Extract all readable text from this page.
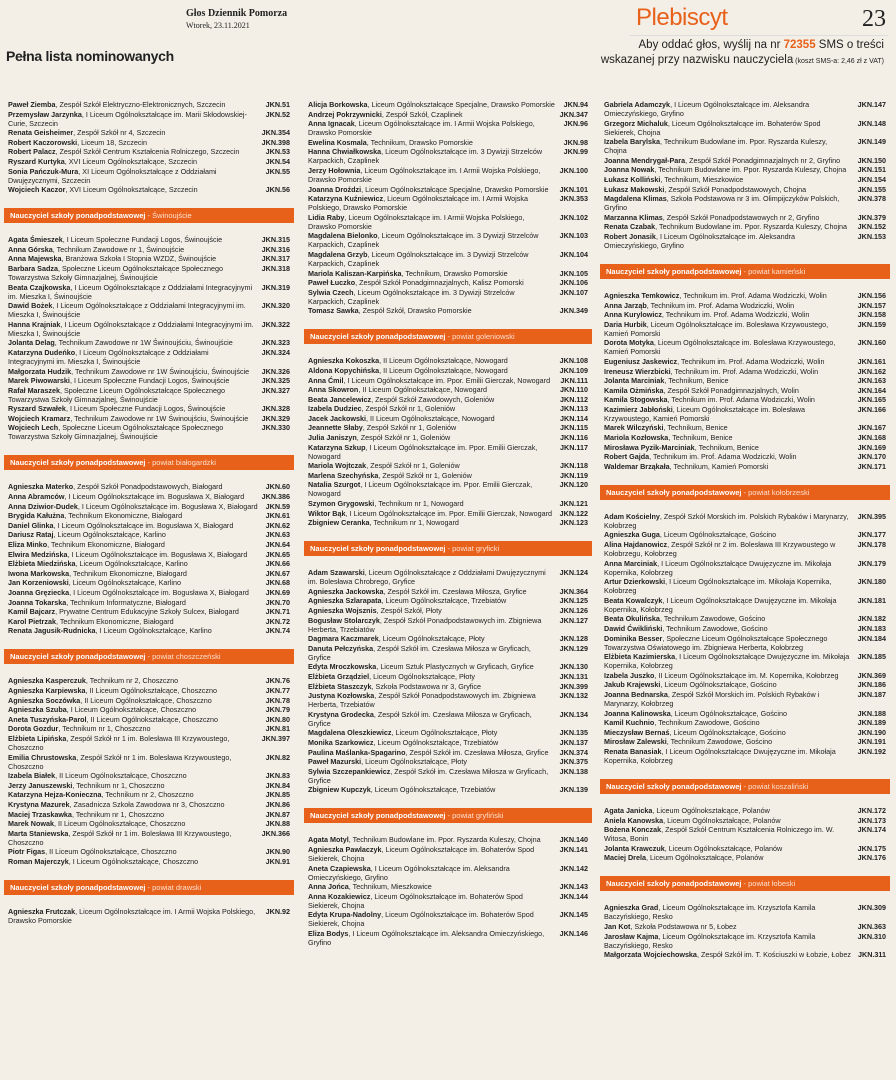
Głos Dziennik Pomorza
Wtorek, 23.11.2021
Pełna lista nominowanych
Plebiscyt	23
Aby oddać głos, wyślij na nr 72355 SMS o treści
wskazanej przy nazwisku nauczyciela (koszt SMS-a: 2,46 zł z VAT)
Paweł Ziemba, Zespół Szkół Elektryczno-Elektronicznych, Szczecin	JKN.51
Przemysław Jarzynka, I Liceum Ogólnokształcące im. Marii Skłodowskiej-Curie, Szczecin
JKN.52
Renata Geisheimer, Zespół Szkół nr 4, Szczecin	JKN.354
Robert Kaczorowski, Liceum 18, Szczecin	JKN.398
Robert Palacz, Zespół Szkół Centrum Kształcenia Rolniczego, Szczecin	JKN.53
Ryszard Kurtyka, XVI Liceum Ogólnokształcące, Szczecin	JKN.54
Sonia Pańczuk-Mura, XI Liceum Ogólnokształcące z Oddziałami Dwujęzycznymi, Szczecin
JKN.55
Wojciech Kaczor, XVI Liceum Ogólnokształcące, Szczecin	JKN.56
Nauczyciel szkoły ponadpodstawowej - Świnoujście
Agata Śmieszek, I Liceum Społeczne Fundacji Logos, Świnoujście	JKN.315
Anna Górska, Technikum Zawodowe nr 1, Świnoujście	JKN.316
Anna Majewska, Branżowa Szkoła I Stopnia WZDZ, Świnoujście	JKN.317
Barbara Sadza, Społeczne Liceum Ogólnokształcące Społecznego Towarzystwa Szkoły Gimnazjalnej, Świnoujście
JKN.318
Beata Czajkowska, I Liceum Ogólnokształcące z Oddziałami Integracyjnymi im. Mieszka I, Świnoujście
JKN.319
Dawid Bożek, I Liceum Ogólnokształcące z Oddziałami Integracyjnymi im. Mieszka I, Świnoujście
JKN.320
Hanna Krajniak, I Liceum Ogólnokształcące z Oddziałami Integracyjnymi im. Mieszka I, Świnoujście
JKN.322
Jolanta Delag, Technikum Zawodowe nr 1W Świnoujściu, Świnoujście	JKN.323
Katarzyna Dudeńko, I Liceum Ogólnokształcące z Oddziałami Integracyjnymi im. Mieszka I, Świnoujście
JKN.324
Małgorzata Hudzik, Technikum Zawodowe nr 1W Świnoujściu, Świnoujście	JKN.326
Marek Piwowarski, I Liceum Społeczne Fundacji Logos, Świnoujście	JKN.325
Rafał Maraszek, Społeczne Liceum Ogólnokształcące Społecznego Towarzystwa Szkoły Gimnazjalnej, Świnoujście
JKN.327
Ryszard Szwałek, I Liceum Społeczne Fundacji Logos, Świnoujście	JKN.328
Wojciech Kramarz, Technikum Zawodowe nr 1W Świnoujściu, Świnoujście	JKN.329
Wojciech Lech, Społeczne Liceum Ogólnokształcące Społecznego Towarzystwa Szkoły Gimnazjalnej, Świnoujście
JKN.330
Nauczyciel szkoły ponadpodstawowej - powiat białogardzki
Agnieszka Materko, Zespół Szkół Ponadpodstawowych, Białogard	JKN.60
Anna Abramców, I Liceum Ogólnokształcące im. Bogusława X, Białogard	JKN.386
Anna Dziwior-Dudek, I Liceum Ogólnokształcące im. Bogusława X, Białogard JKN.59
Brygida Kałużna, Technikum Ekonomiczne, Białogard	JKN.61
Daniel Glinka, I Liceum Ogólnokształcące im. Bogusława X, Białogard	JKN.62
Dariusz Rataj, Liceum Ogólnokształcące, Karlino	JKN.63
Eliza Minko, Technikum Ekonomiczne, Białogard	JKN.64
Elwira Medzińska, I Liceum Ogólnokształcące im. Bogusława X, Białogard	JKN.65
Elżbieta Miedzińska, Liceum Ogólnokształcące, Karlino	JKN.66
Iwona Markowska, Technikum Ekonomiczne, Białogard	JKN.67
Jan Korzeniowski, Liceum Ogólnokształcące, Karlino	JKN.68
Joanna Gręziecka, I Liceum Ogólnokształcące im. Bogusława X, Białogard	JKN.69
Joanna Tokarska, Technikum Informatyczne, Białogard	JKN.70
Kamil Bajcarz, Prywatne Centrum Edukacyjne Szkoły Sulcex, Białogard	JKN.71
Karol Pietrzak, Technikum Ekonomiczne, Białogard	JKN.72
Renata Jagusik-Rudnicka, I Liceum Ogólnokształcące, Karlino	JKN.74
Nauczyciel szkoły ponadpodstawowej - powiat choszczeński
Agnieszka Kasperczuk, Technikum nr 2, Choszczno	JKN.76
Agnieszka Karpiewska, II Liceum Ogólnokształcące, Choszczno	JKN.77
Agnieszka Soczówka, II Liceum Ogólnokształcące, Choszczno	JKN.78
Agnieszka Szuba, I Liceum Ogólnokształcące, Choszczno	JKN.79
Aneta Tuszyńska-Parol, II Liceum Ogólnokształcące, Choszczno	JKN.80
Dorota Gozdur, Technikum nr 1, Choszczno	JKN.81
Elżbieta Lipińska, Zespół Szkół nr 1 im. Bolesława III Krzywoustego, Choszczno
JKN.397
Emilia Chrustowska, Zespół Szkół nr 1 im. Bolesława Krzywoustego, Choszczno
JKN.82
Izabela Białek, II Liceum Ogólnokształcące, Choszczno	JKN.83
Jerzy Januszewski, Technikum nr 1, Choszczno	JKN.84
Katarzyna Hejza-Konieczna, Technikum nr 2, Choszczno	JKN.85
Krystyna Mazurek, Zasadnicza Szkoła Zawodowa nr 3, Choszczno	JKN.86
Maciej Trzaskawka, Technikum nr 1, Choszczno	JKN.87
Marek Nowak, II Liceum Ogólnokształcące, Choszczno	JKN.88
Marta Staniewska, Zespół Szkół nr 1 im. Bolesława III Krzywoustego, Choszczno
JKN.366
Piotr Figas, II Liceum Ogólnokształcące, Choszczno	JKN.90
Roman Majerczyk, I Liceum Ogólnokształcące, Choszczno	JKN.91
Nauczyciel szkoły ponadpodstawowej - powiat drawski
Agnieszka Frutczak, Liceum Ogólnokształcące im. I Armii Wojska Polskiego, Drawsko Pomorskie
JKN.92
Alicja Borkowska, Liceum Ogólnokształcące Specjalne, Drawsko Pomorskie	JKN.94
Andrzej Pokrzywnicki, Zespół Szkół, Czaplinek	JKN.347
Anna Ignacak, Liceum Ogólnokształcące im. I Armii Wojska Polskiego, Drawsko Pomorskie
JKN.96
Ewelina Kosmala, Technikum, Drawsko Pomorskie	JKN.98
Hanna Chwiałkowska, Liceum Ogólnokształcące im. 3 Dywizji Strzelców Karpackich, Czaplinek
JKN.99
Jerzy Hołownia, Liceum Ogólnokształcące im. I Armii Wojska Polskiego, Drawsko Pomorskie
JKN.100
Joanna Droździ, Liceum Ogólnokształcące Specjalne, Drawsko Pomorskie	JKN.101
Katarzyna Kuźniewicz, Liceum Ogólnokształcące im. I Armii Wojska Polskiego, Drawsko Pomorskie
JKN.353
Lidia Raby, Liceum Ogólnokształcące im. I Armii Wojska Polskiego, Drawsko Pomorskie
JKN.102
Magdalena Bielonko, Liceum Ogólnokształcące im. 3 Dywizji Strzelców Karpackich, Czaplinek
JKN.103
Magdalena Grzyb, Liceum Ogólnokształcące im. 3 Dywizji Strzelców Karpackich, Czaplinek
JKN.104
Mariola Kaliszan-Karpińska, Technikum, Drawsko Pomorskie	JKN.105
Paweł Łuczko, Zespół Szkół Ponadgimnazjalnych, Kalisz Pomorski	JKN.106
Sylwia Czech, Liceum Ogólnokształcące im. 3 Dywizji Strzelców Karpackich, Czaplinek
JKN.107
Tomasz Sawka, Zespół Szkół, Drawsko Pomorskie	JKN.349
Nauczyciel szkoły ponadpodstawowej - powiat goleniowski
Agnieszka Kokoszka, II Liceum Ogólnokształcące, Nowogard	JKN.108
Aldona Kopychińska, II Liceum Ogólnokształcące, Nowogard	JKN.109
Anna Ćmil, I Liceum Ogólnokształcące im. Ppor. Emilii Gierczak, Nowogard	JKN.111
Anna Skowron, II Liceum Ogólnokształcące, Nowogard	JKN.110
Beata Jancelewicz, Zespół Szkół Zawodowych, Goleniów	JKN.112
Izabela Dudziec, Zespół Szkół nr 1, Goleniów	JKN.113
Jacek Jackowski, II Liceum Ogólnokształcące, Nowogard	JKN.114
Jeannette Słaby, Zespół Szkół nr 1, Goleniów	JKN.115
Julia Janiszyn, Zespół Szkół nr 1, Goleniów	JKN.116
Katarzyna Szkup, I Liceum Ogólnokształcące im. Ppor. Emilii Gierczak, Nowogard
JKN.117
Mariola Wojtczak, Zespół Szkół nr 1, Goleniów	JKN.118
Marlena Szechyńska, Zespół Szkół nr 1, Goleniów	JKN.119
Natalia Szurgot, I Liceum Ogólnokształcące im. Ppor. Emilii Gierczak, Nowogard
JKN.120
Szymon Grygowski, Technikum nr 1, Nowogard	JKN.121
Wiktor Bąk, I Liceum Ogólnokształcące im. Ppor. Emilii Gierczak, Nowogard JKN.122
Zbigniew Ceranka, Technikum nr 1, Nowogard	JKN.123
Nauczyciel szkoły ponadpodstawowej - powiat gryficki
Adam Szawarski, Liceum Ogólnokształcące z Oddziałami Dwujęzycznymi im. Bolesława Chrobrego, Gryfice
JKN.124
Agnieszka Jackowska, Zespół Szkół im. Czesława Miłosza, Gryfice	JKN.364
Agnieszka Szlarapata, Liceum Ogólnokształcące, Trzebiatów	JKN.125
Agnieszka Wojsznis, Zespół Szkół, Płoty	JKN.126
Bogusław Stolarczyk, Zespół Szkół Ponadpodstawowych im. Zbigniewa Herberta, Trzebiatów
JKN.127
Dagmara Kaczmarek, Liceum Ogólnokształcące, Płoty	JKN.128
Danuta Pełczyńska, Zespół Szkół im. Czesława Miłosza w Gryficach, Gryfice
JKN.129
Edyta Mroczkowska, Liceum Sztuk Plastycznych w Gryficach, Gryfice	JKN.130
Elżbieta Grządziel, Liceum Ogólnokształcące, Płoty	JKN.131
Elżbieta Staszczyk, Szkoła Podstawowa nr 3, Gryfice	JKN.399
Justyna Kozłowska, Zespół Szkół Ponadpodstawowych im. Zbigniewa Herberta, Trzebiatów
JKN.132
Krystyna Grodecka, Zespół Szkół im. Czesława Miłosza w Gryficach, Gryfice
JKN.134
Magdalena Oleszkiewicz, Liceum Ogólnokształcące, Płoty	JKN.135
Monika Szarkowicz, Liceum Ogólnokształcące, Trzebiatów	JKN.137
Paulina Maślanka-Spagarino, Zespół Szkół im. Czesława Miłosza, Gryfice	JKN.374
Paweł Mazurski, Liceum Ogólnokształcące, Płoty	JKN.375
Sylwia Szczepankiewicz, Zespół Szkół im. Czesława Miłosza w Gryficach, Gryfice
JKN.138
Zbigniew Kupczyk, Liceum Ogólnokształcące, Trzebiatów	JKN.139
Nauczyciel szkoły ponadpodstawowej - powiat gryfiński
Agata Motyl, Technikum Budowlane im. Ppor. Ryszarda Kuleszy, Chojna	JKN.140
Agnieszka Pawlaczyk, Liceum Ogólnokształcące im. Bohaterów Spod Siekierek, Chojna
JKN.141
Aneta Czapiewska, I Liceum Ogólnokształcące im. Aleksandra Omieczyńskiego, Gryfino
JKN.142
Anna Jońca, Technikum, Mieszkowice	JKN.143
Anna Kozakiewicz, Liceum Ogólnokształcące im. Bohaterów Spod Siekierek, Chojna
JKN.144
Edyta Krupa-Nadolny, Liceum Ogólnokształcące im. Bohaterów Spod Siekierek, Chojna
JKN.145
Eliza Bodys, I Liceum Ogólnokształcące im. Aleksandra Omieczyńskiego, Gryfino
JKN.146
Gabriela Adamczyk, I Liceum Ogólnokształcące im. Aleksandra Omieczyńskiego, Gryfino
JKN.147
Grzegorz Michaluk, Liceum Ogólnokształcące im. Bohaterów Spod Siekierek, Chojna
JKN.148
Izabela Barylska, Technikum Budowlane im. Ppor. Ryszarda Kuleszy, Chojna
JKN.149
Joanna Mendrygał-Para, Zespół Szkół Ponadgimnazjalnych nr 2, Gryfino	JKN.150
Joanna Nowak, Technikum Budowlane im. Ppor. Ryszarda Kuleszy, Chojna	JKN.151
Łukasz Kolliński, Technikum, Mieszkowice	JKN.154
Łukasz Makowski, Zespół Szkół Ponadpodstawowych, Chojna	JKN.155
Magdalena Klimas, Szkoła Podstawowa nr 3 im. Olimpijczyków Polskich, Gryfino
JKN.378
Marzanna Klimas, Zespół Szkół Ponadpodstawowych nr 2, Gryfino	JKN.379
Renata Czabak, Technikum Budowlane im. Ppor. Ryszarda Kuleszy, Chojna	JKN.152
Robert Jonasik, I Liceum Ogólnokształcące im. Aleksandra Omieczyńskiego, Gryfino
JKN.153
Nauczyciel szkoły ponadpodstawowej - powiat kamieński
Agnieszka Temkowicz, Technikum im. Prof. Adama Wodziczki, Wolin	JKN.156
Anna Jarząb, Technikum im. Prof. Adama Wodziczki, Wolin	JKN.157
Anna Kurylowicz, Technikum im. Prof. Adama Wodziczki, Wolin	JKN.158
Daria Hurbik, Liceum Ogólnokształcące im. Bolesława Krzywoustego, Kamień Pomorski
JKN.159
Dorota Motyka, Liceum Ogólnokształcące im. Bolesława Krzywoustego, Kamień Pomorski
JKN.160
Eugeniusz Jaskewicz, Technikum im. Prof. Adama Wodziczki, Wolin	JKN.161
Ireneusz Wierzbicki, Technikum im. Prof. Adama Wodziczki, Wolin	JKN.162
Jolanta Marciniak, Technikum, Benice	JKN.163
Kamila Ożmińska, Zespół Szkół Ponadgimnazjalnych, Wolin	JKN.164
Kamila Stogowska, Technikum im. Prof. Adama Wodziczki, Wolin	JKN.165
Kazimierz Jabłoński, Liceum Ogólnokształcące im. Bolesława Krzywoustego, Kamień Pomorski
JKN.166
Marek Wilczyński, Technikum, Benice	JKN.167
Mariola Kozłowska, Technikum, Benice	JKN.168
Mirosława Pyzik-Marciniak, Technikum, Benice	JKN.169
Robert Gajda, Technikum im. Prof. Adama Wodziczki, Wolin	JKN.170
Waldemar Brząkała, Technikum, Kamień Pomorski	JKN.171
Nauczyciel szkoły ponadpodstawowej - powiat kołobrzeski
Adam Kościelny, Zespół Szkół Morskich im. Polskich Rybaków i Marynarzy, Kołobrzeg
JKN.395
Agnieszka Guga, Liceum Ogólnokształcące, Gościno	JKN.177
Alina Hajdanowicz, Zespół Szkół nr 2 im. Bolesława III Krzywoustego w Kołobrzegu, Kołobrzeg
JKN.178
Anna Marciniak, I Liceum Ogólnokształcące Dwujęzyczne im. Mikołaja Kopernika, Kołobrzeg
JKN.179
Artur Dzierkowski, I Liceum Ogólnokształcące im. Mikołaja Kopernika, Kołobrzeg
JKN.180
Beata Kowalczyk, I Liceum Ogólnokształcące Dwujęzyczne im. Mikołaja Kopernika, Kołobrzeg
JKN.181
Beata Okulińska, Technikum Zawodowe, Gościno	JKN.182
Dawid Ćwikliński, Technikum Zawodowe, Gościno	JKN.183
Dominika Besser, Społeczne Liceum Ogólnokształcące Społecznego Towarzystwa Oświatowego im. Zbigniewa Herberta, Kołobrzeg
JKN.184
Elżbieta Kazimierska, I Liceum Ogólnokształcące Dwujęzyczne im. Mikołaja Kopernika, Kołobrzeg
JKN.185
Izabela Juszko, II Liceum Ogólnokształcące im. M. Kopernika, Kołobrzeg	JKN.369
Jakub Krajewski, Liceum Ogólnokształcące, Gościno	JKN.186
Joanna Bednarska, Zespół Szkół Morskich im. Polskich Rybaków i Marynarzy, Kołobrzeg
JKN.187
Joanna Kalinowska, Liceum Ogólnokształcące, Gościno	JKN.188
Kamil Kuchnio, Technikum Zawodowe, Gościno	JKN.189
Mieczysław Bernaś, Liceum Ogólnokształcące, Gościno	JKN.190
Mirosław Zalewski, Technikum Zawodowe, Gościno	JKN.191
Renata Banasiak, I Liceum Ogólnokształcące Dwujęzyczne im. Mikołaja Kopernika, Kołobrzeg
JKN.192
Nauczyciel szkoły ponadpodstawowej - powiat koszaliński
Agata Janicka, Liceum Ogólnokształcące, Polanów	JKN.172
Aniela Kanowska, Liceum Ogólnokształcące, Polanów	JKN.173
Bożena Konczak, Zespół Szkół Centrum Kształcenia Rolniczego im. W. Witosa, Bonin
JKN.174
Jolanta Krawczuk, Liceum Ogólnokształcące, Polanów	JKN.175
Maciej Drela, Liceum Ogólnokształcące, Polanów	JKN.176
Nauczyciel szkoły ponadpodstawowej - powiat łobeski
Agnieszka Grad, Liceum Ogólnokształcące im. Krzysztofa Kamila Baczyńskiego, Resko
JKN.309
Jan Kot, Szkoła Podstawowa nr 5, Łobez	JKN.363
Jarosław Kajma, Liceum Ogólnokształcące im. Krzysztofa Kamila Baczyńskiego, Resko
JKN.310
Małgorzata Wojciechowska, Zespół Szkół im. T. Kościuszki w Łobzie, Łobez JKN.311
